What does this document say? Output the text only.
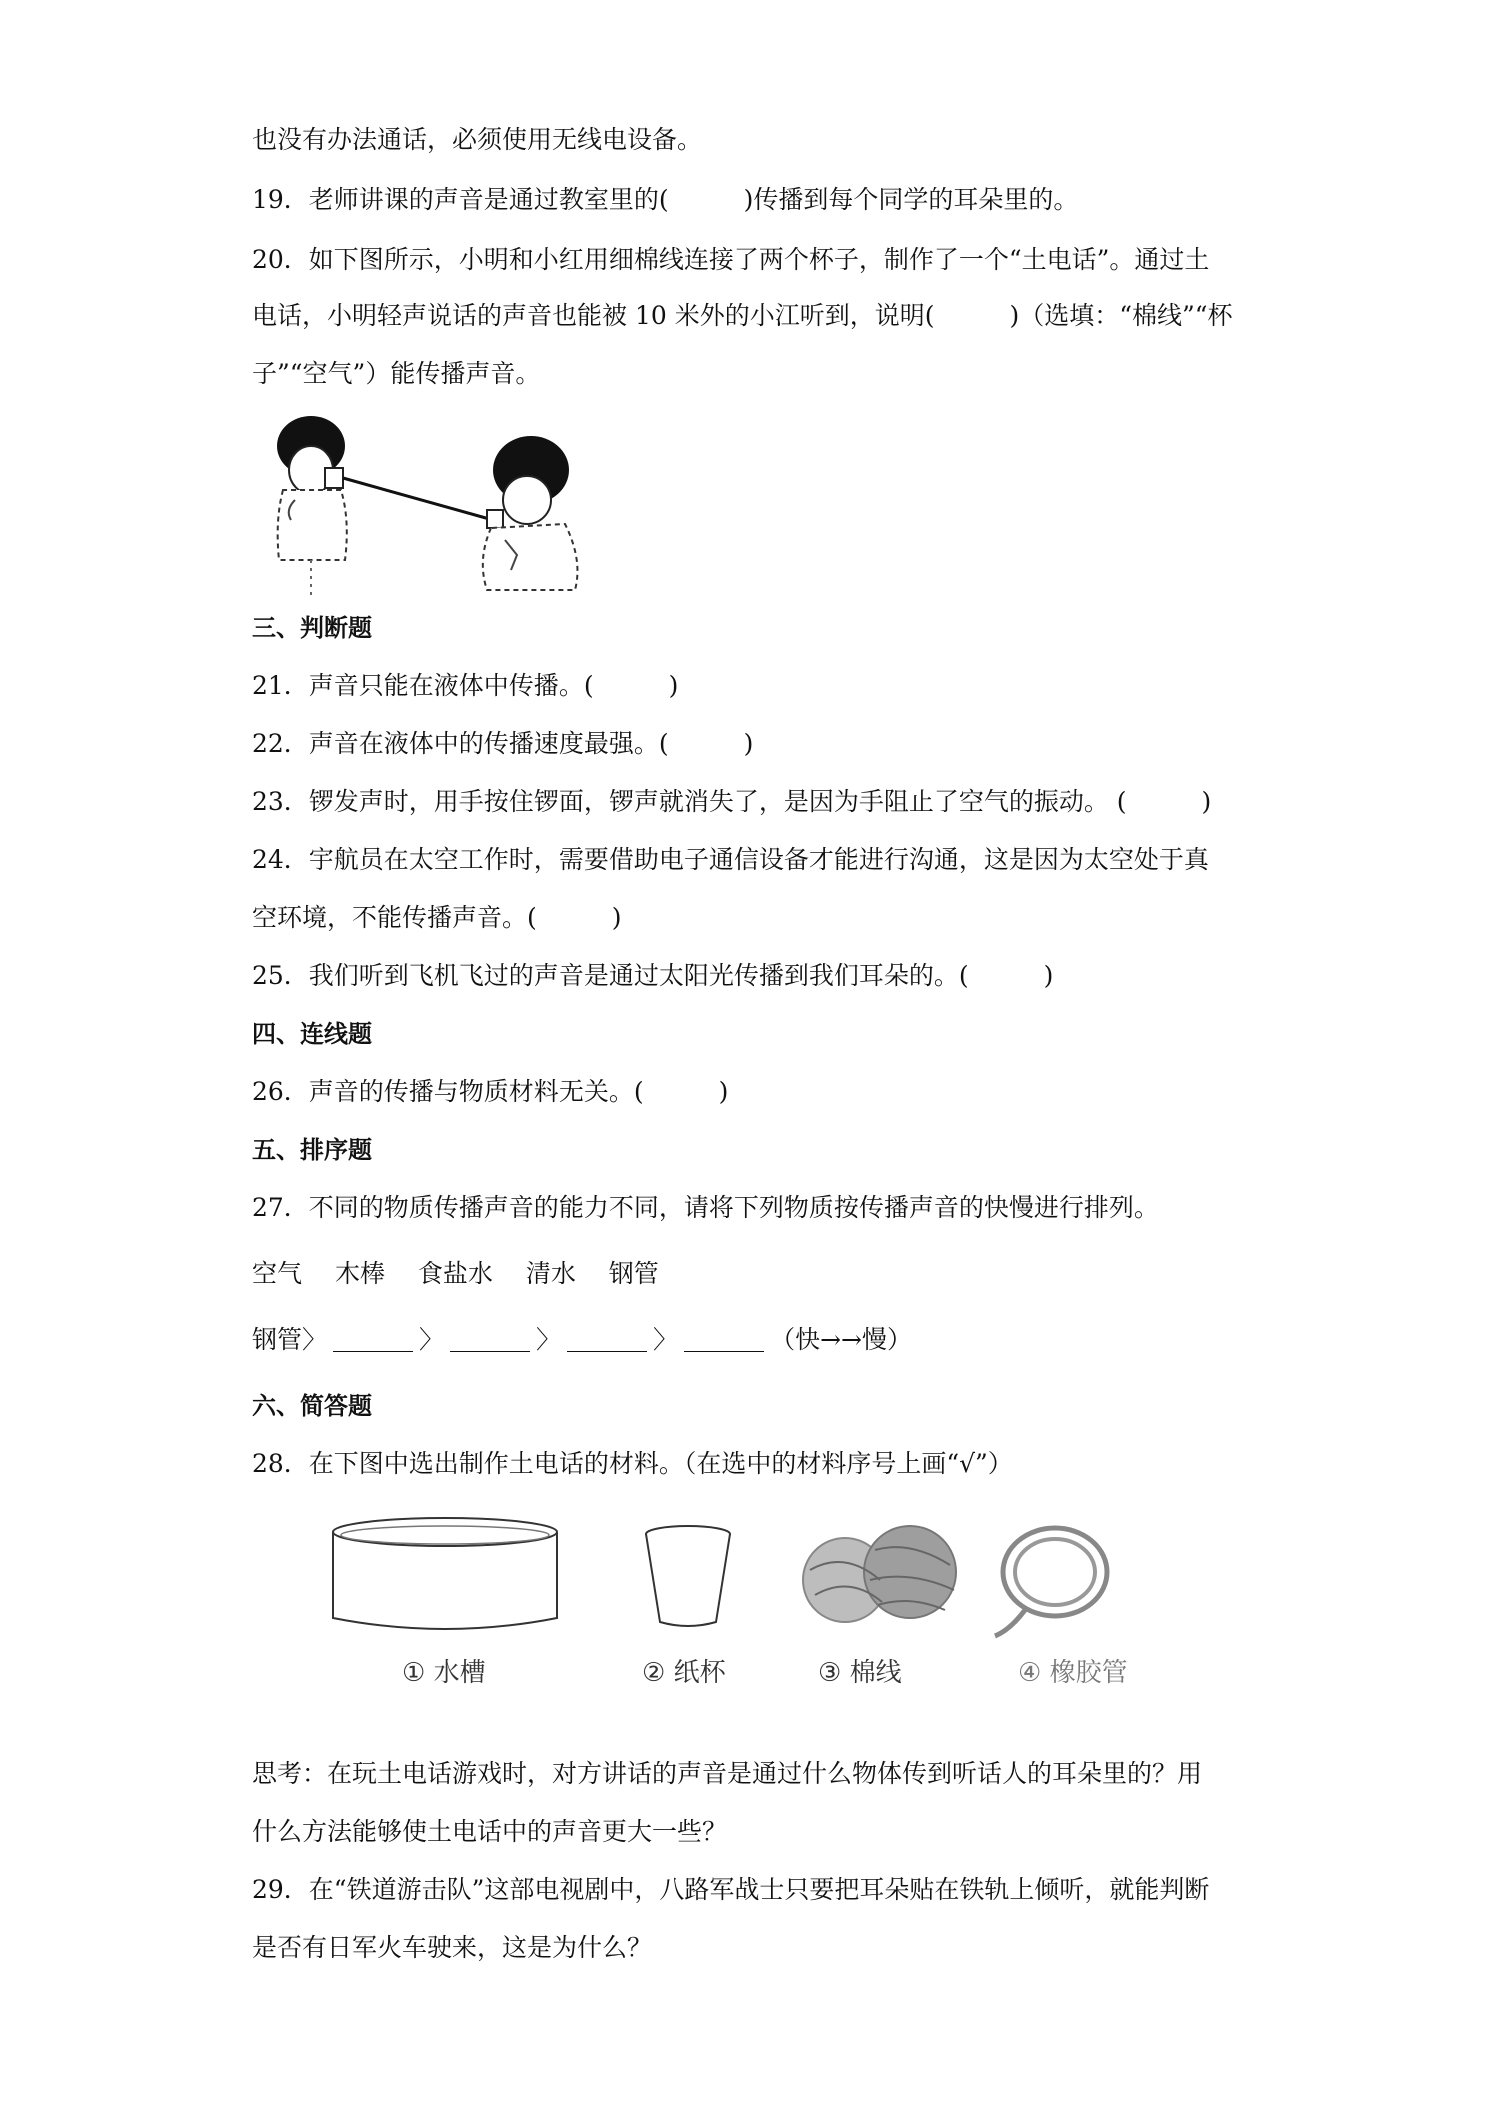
也没有办法通话，必须使用无线电设备。
19．老师讲课的声音是通过教室里的(　　　)传播到每个同学的耳朵里的。
20．如下图所示，小明和小红用细棉线连接了两个杯子，制作了一个“土电话”。通过土
电话，小明轻声说话的声音也能被 10 米外的小江听到，说明(　　　)（选填：“棉线”“杯
子”“空气”）能传播声音。
三、判断题
21．声音只能在液体中传播。(　　　)
22．声音在液体中的传播速度最强。(　　　)
23．锣发声时，用手按住锣面，锣声就消失了，是因为手阻止了空气的振动。 (　　　)
24．宇航员在太空工作时，需要借助电子通信设备才能进行沟通，这是因为太空处于真
空环境，不能传播声音。(　　　)
25．我们听到飞机飞过的声音是通过太阳光传播到我们耳朵的。(　　　)
四、连线题
26．声音的传播与物质材料无关。(　　　)
五、排序题
27．不同的物质传播声音的能力不同，请将下列物质按传播声音的快慢进行排列。
空气　 木棒　 食盐水　 清水　 钢管
钢管〉	〉	〉	〉	（快→→慢）
六、简答题
28．在下图中选出制作土电话的材料。（在选中的材料序号上画“√”）
① 水槽	② 纸杯	③ 棉线	④ 橡胶管
思考：在玩土电话游戏时，对方讲话的声音是通过什么物体传到听话人的耳朵里的？用
什么方法能够使土电话中的声音更大一些？
29．在“铁道游击队”这部电视剧中，八路军战士只要把耳朵贴在铁轨上倾听，就能判断
是否有日军火车驶来，这是为什么？
